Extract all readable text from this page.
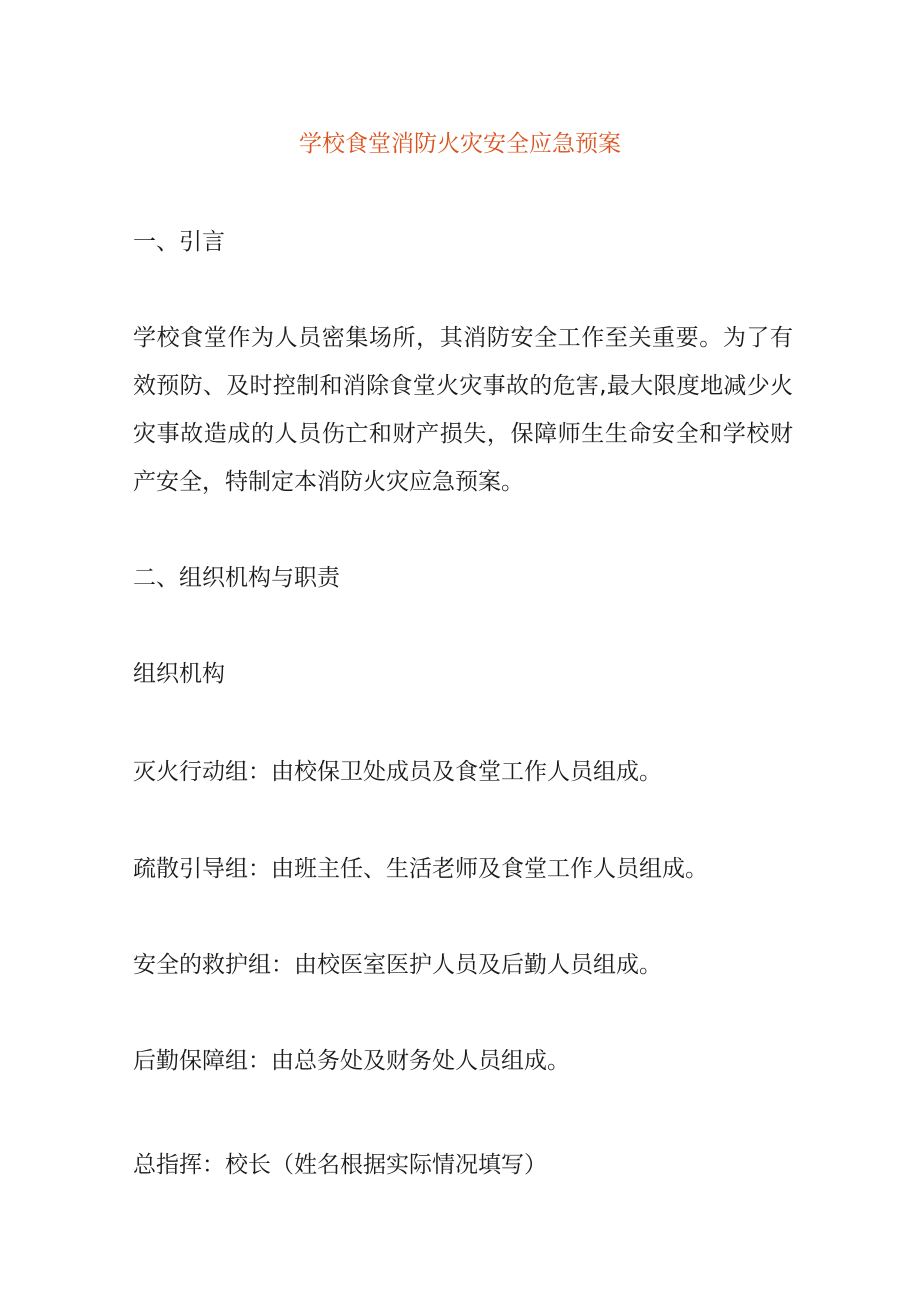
学校食堂消防火灾安全应急预案
一、引言

学校食堂作为人员密集场所，其消防安全工作至关重要。为了有效预防、及时控制和消除食堂火灾事故的危害,最大限度地减少火灾事故造成的人员伤亡和财产损失，保障师生生命安全和学校财产安全，特制定本消防火灾应急预案。

二、组织机构与职责
组织机构

灭火行动组：由校保卫处成员及食堂工作人员组成。

疏散引导组：由班主任、生活老师及食堂工作人员组成。

安全的救护组：由校医室医护人员及后勤人员组成。

后勤保障组：由总务处及财务处人员组成。

总指挥：校长（姓名根据实际情况填写）
